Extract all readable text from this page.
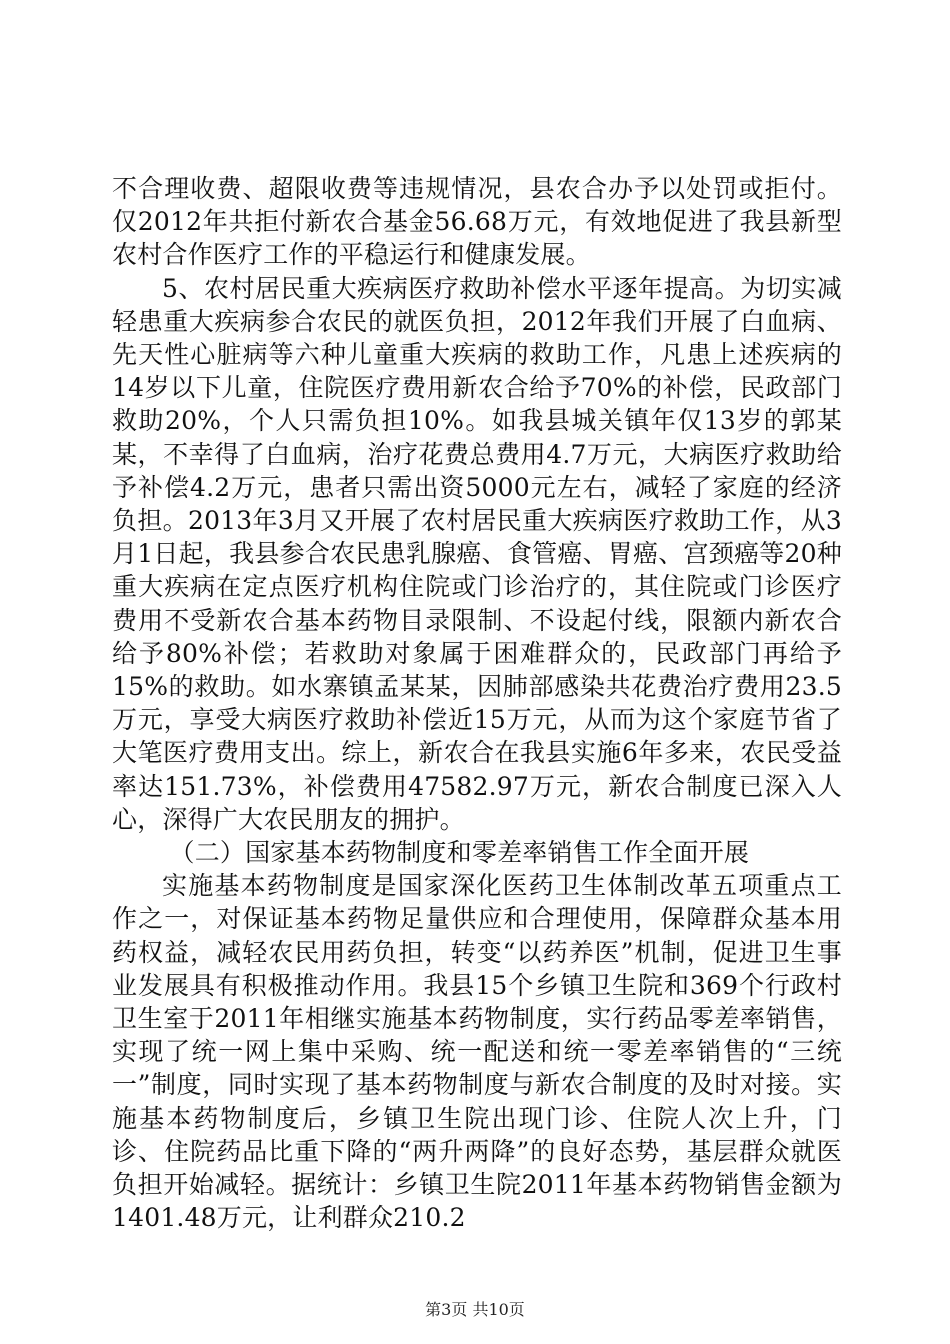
不合理收费、超限收费等违规情况，县农合办予以处罚或拒付。仅2012年共拒付新农合基金56.68万元，有效地促进了我县新型农村合作医疗工作的平稳运行和健康发展。

5、农村居民重大疾病医疗救助补偿水平逐年提高。为切实减轻患重大疾病参合农民的就医负担，2012年我们开展了白血病、先天性心脏病等六种儿童重大疾病的救助工作，凡患上述疾病的14岁以下儿童，住院医疗费用新农合给予70%的补偿，民政部门救助20%，个人只需负担10%。如我县城关镇年仅13岁的郭某某，不幸得了白血病，治疗花费总费用4.7万元，大病医疗救助给予补偿4.2万元，患者只需出资5000元左右，减轻了家庭的经济负担。2013年3月又开展了农村居民重大疾病医疗救助工作，从3月1日起，我县参合农民患乳腺癌、食管癌、胃癌、宫颈癌等20种重大疾病在定点医疗机构住院或门诊治疗的，其住院或门诊医疗费用不受新农合基本药物目录限制、不设起付线，限额内新农合给予80%补偿；若救助对象属于困难群众的，民政部门再给予15%的救助。如水寨镇孟某某，因肺部感染共花费治疗费用23.5万元，享受大病医疗救助补偿近15万元，从而为这个家庭节省了大笔医疗费用支出。综上，新农合在我县实施6年多来，农民受益率达151.73%，补偿费用47582.97万元，新农合制度已深入人心，深得广大农民朋友的拥护。

（二）国家基本药物制度和零差率销售工作全面开展

实施基本药物制度是国家深化医药卫生体制改革五项重点工作之一，对保证基本药物足量供应和合理使用，保障群众基本用药权益，减轻农民用药负担，转变“以药养医”机制，促进卫生事业发展具有积极推动作用。我县15个乡镇卫生院和369个行政村卫生室于2011年相继实施基本药物制度，实行药品零差率销售，实现了统一网上集中采购、统一配送和统一零差率销售的“三统一”制度，同时实现了基本药物制度与新农合制度的及时对接。实施基本药物制度后，乡镇卫生院出现门诊、住院人次上升，门诊、住院药品比重下降的“两升两降”的良好态势，基层群众就医负担开始减轻。据统计：乡镇卫生院2011年基本药物销售金额为1401.48万元，让利群众210.2

第3页 共10页
